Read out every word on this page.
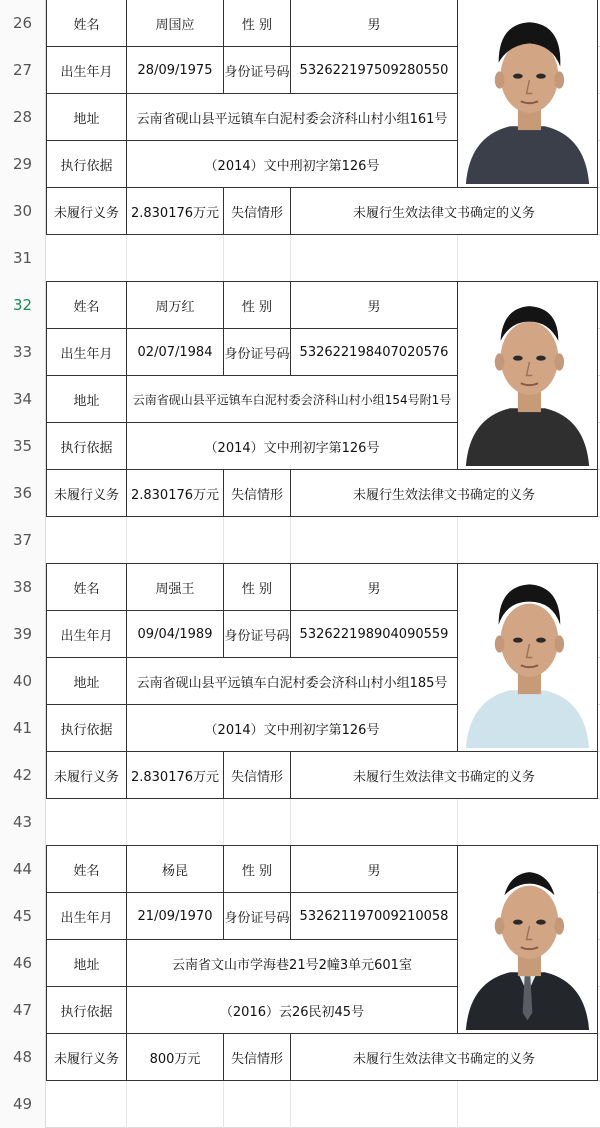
26
27
28
29
30
31
32
33
34
35
36
37
38
39
40
41
42
43
44
45
46
47
48
49
姓名	周国应	性 别	男
出生年月	28/09/1975 身份证号码 532622197509280550
地址	云南省砚山县平远镇车白泥村委会济科山村小组161号
执行依据	（2014）文中刑初字第126号
未履行义务 2.830176万元 失信情形	未履行生效法律文书确定的义务
姓名	周万红	性 别	男
出生年月	02/07/1984 身份证号码 532622198407020576
地址	云南省砚山县平远镇车白泥村委会济科山村小组154号附1号
执行依据	（2014）文中刑初字第126号
未履行义务 2.830176万元 失信情形	未履行生效法律文书确定的义务
姓名	周强王	性 别	男
出生年月	09/04/1989 身份证号码 532622198904090559
地址	云南省砚山县平远镇车白泥村委会济科山村小组185号
执行依据	（2014）文中刑初字第126号
未履行义务 2.830176万元 失信情形	未履行生效法律文书确定的义务
姓名	杨昆	性 别	男
出生年月	21/09/1970 身份证号码 532621197009210058
地址	云南省文山市学海巷21号2幢3单元601室
执行依据	（2016）云26民初45号
未履行义务	800万元	失信情形	未履行生效法律文书确定的义务
